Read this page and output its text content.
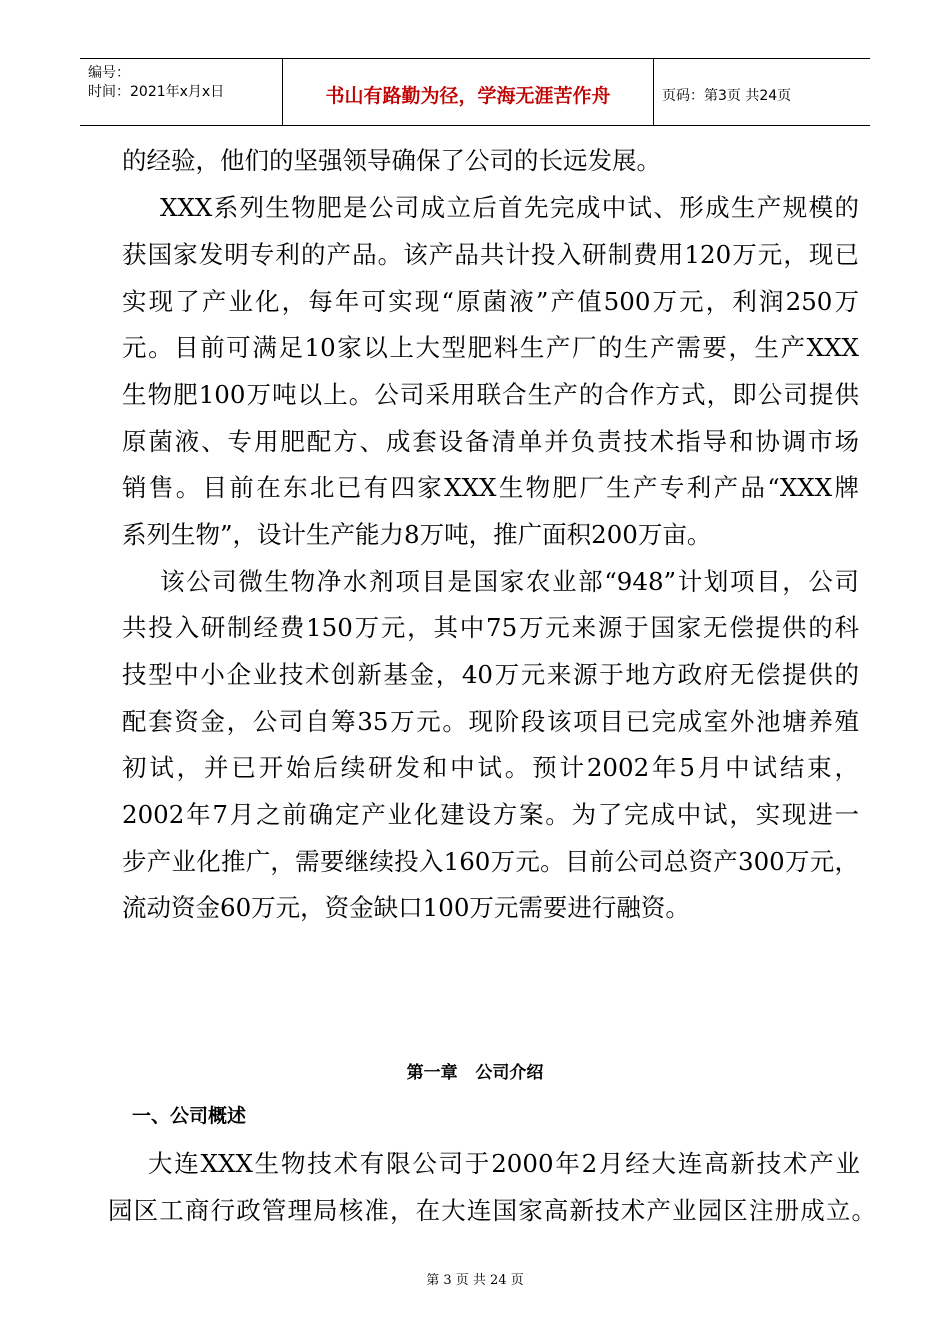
编号：
时间：2021年x月x日	书山有路勤为径，学海无涯苦作舟	页码：第3页 共24页

的经验，他们的坚强领导确保了公司的长远发展。

XXX系列生物肥是公司成立后首先完成中试、形成生产规模的

获国家发明专利的产品。该产品共计投入研制费用120万元，现已

实现了产业化，每年可实现“原菌液”产值500万元，利润250万

元。目前可满足10家以上大型肥料生产厂的生产需要，生产XXX

生物肥100万吨以上。公司采用联合生产的合作方式，即公司提供

原菌液、专用肥配方、成套设备清单并负责技术指导和协调市场

销售。目前在东北已有四家XXX生物肥厂生产专利产品“XXX牌

系列生物”，设计生产能力8万吨，推广面积200万亩。

该公司微生物净水剂项目是国家农业部“948”计划项目，公司

共投入研制经费150万元，其中75万元来源于国家无偿提供的科

技型中小企业技术创新基金，40万元来源于地方政府无偿提供的

配套资金，公司自筹35万元。现阶段该项目已完成室外池塘养殖

初试，并已开始后续研发和中试。预计2002年5月中试结束，

2002年7月之前确定产业化建设方案。为了完成中试，实现进一

步产业化推广，需要继续投入160万元。目前公司总资产300万元，

流动资金60万元，资金缺口100万元需要进行融资。

第一章   公司介绍
一、公司概述

大连XXX生物技术有限公司于2000年2月经大连高新技术产业

园区工商行政管理局核准，在大连国家高新技术产业园区注册成立。

第 3 页 共 24 页
